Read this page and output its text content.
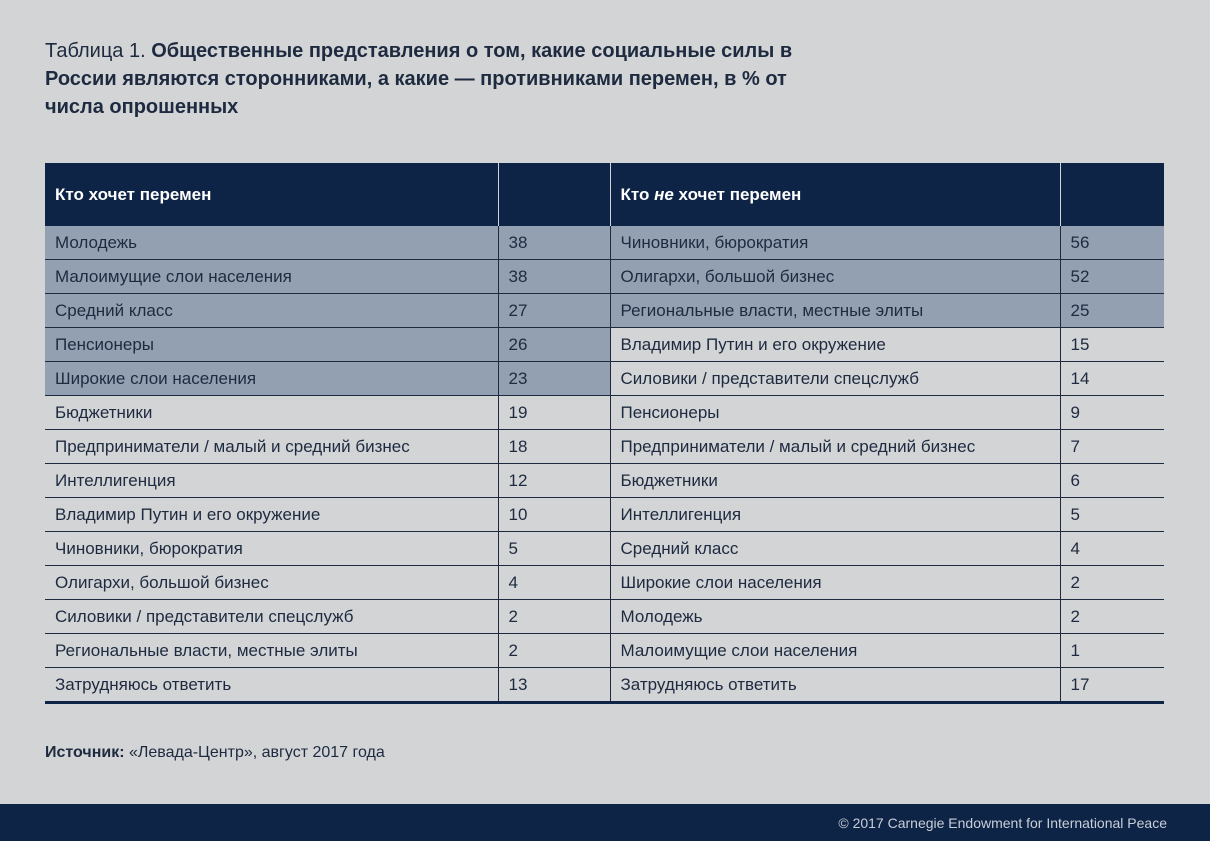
Таблица 1. Общественные представления о том, какие социальные силы в России являются сторонниками, а какие — противниками перемен, в % от числа опрошенных
Кто хочет перемен		Кто не хочет перемен	
Молодежь	38	Чиновники, бюрократия	56
Малоимущие слои населения	38	Олигархи, большой бизнес	52
Средний класс	27	Региональные власти, местные элиты	25
Пенсионеры	26	Владимир Путин и его окружение	15
Широкие слои населения	23	Силовики / представители спецслужб	14
Бюджетники	19	Пенсионеры	9
Предприниматели / малый и средний бизнес	18	Предприниматели / малый и средний бизнес	7
Интеллигенция	12	Бюджетники	6
Владимир Путин и его окружение	10	Интеллигенция	5
Чиновники, бюрократия	5	Средний класс	4
Олигархи, большой бизнес	4	Широкие слои населения	2
Силовики / представители спецслужб	2	Молодежь	2
Региональные власти, местные элиты	2	Малоимущие слои населения	1
Затрудняюсь ответить	13	Затрудняюсь ответить	17
Источник: «Левада-Центр», август 2017 года
© 2017 Carnegie Endowment for International Peace
